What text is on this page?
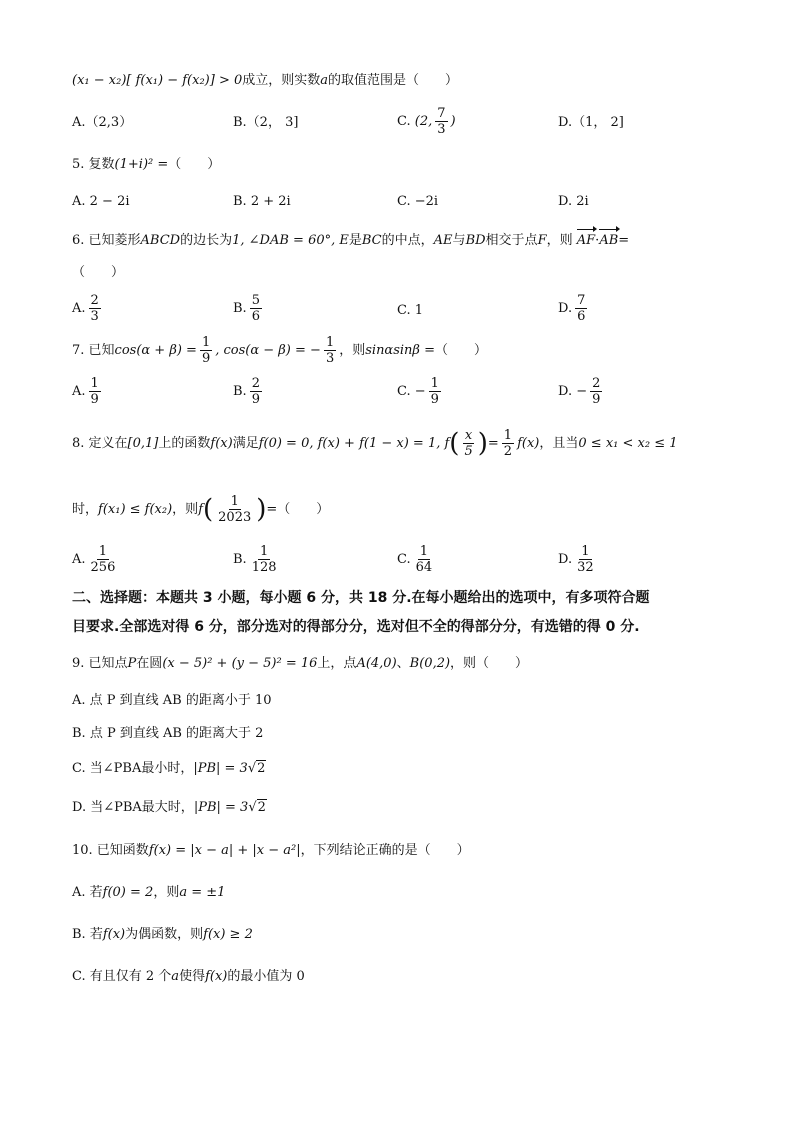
(x₁ − x₂)[ f(x₁) − f(x₂)] > 0成立，则实数a的取值范围是（　　）
A.（2,3）	B.（2， 3]	C. (2, $\frac{7}{3}$ )	D.（1， 2]
5. 复数(1+i)² =（　　）
A. 2 − 2i	B. 2 + 2i	C. −2i	D. 2i
6. 已知菱形ABCD的边长为1, ∠DAB = 60°, E是BC的中点，AE与BD相交于点F，则 AF·AB=
（　　）
A. $\frac{2}{3}$	B. $\frac{5}{6}$	C. 1	D. $\frac{7}{6}$
7. 已知$\cos(\alpha + \beta) = \frac{1}{9}$ , cos(α − β) = − $\frac{1}{3}$ ，则sinαsinβ =（　　）
A. $\frac{1}{9}$	B. $\frac{2}{9}$	C. − $\frac{1}{9}$	D. − $\frac{2}{9}$
8. 定义在[0,1]上的函数f(x)满足f(0) = 0, f(x) + f(1 − x) = 1, $f( \frac{x}{5}$ )= $\frac{1}{2} f(x)$，且当0 ≤ x₁ < x₂ ≤ 1
时，f(x₁) ≤ f(x₂)，则$f( \frac{1}{2023}$ )=（　　）
A. $\frac{1}{256}$	B. $\frac{1}{128}$	C. $\frac{1}{64}$	D. $\frac{1}{32}$
二、选择题：本题共 3 小题，每小题 6 分，共 18 分.在每小题给出的选项中，有多项符合题
目要求.全部选对得 6 分，部分选对的得部分分，选对但不全的得部分分，有选错的得 0 分.
9. 已知点P在圆(x − 5)² + (y − 5)² = 16上，点A(4,0)、B(0,2)，则（　　）
A. 点 P 到直线 AB 的距离小于 10
B. 点 P 到直线 AB 的距离大于 2
C. 当∠PBA最小时，|PB| = 3√2
D. 当∠PBA最大时，|PB| = 3√2
10. 已知函数f(x) = |x − a| + |x − a²|，下列结论正确的是（　　）
A. 若f(0) = 2，则a = ±1
B. 若f(x)为偶函数，则f(x) ≥ 2
C. 有且仅有 2 个a使得f(x)的最小值为 0
